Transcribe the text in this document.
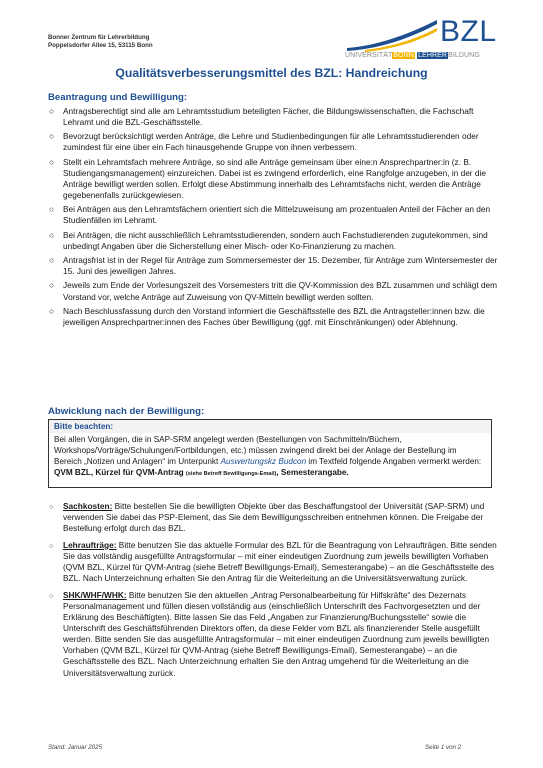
Bonner Zentrum für Lehrerbildung
Poppelsdorfer Allee 15, 53115 Bonn	BZL
UNIVERSITÄTBONN LEHRERBILDUNG
Qualitätsverbesserungsmittel des BZL: Handreichung
Beantragung und Bewilligung:
○ Antragsberechtigt sind alle am Lehramtsstudium beteiligten Fächer, die Bildungswissenschaften, die Fachschaft Lehramt und die BZL-Geschäftsstelle.
○ Bevorzugt berücksichtigt werden Anträge, die Lehre und Studienbedingungen für alle Lehramtsstudierenden oder zumindest für eine über ein Fach hinausgehende Gruppe von ihnen verbessern.
○ Stellt ein Lehramtsfach mehrere Anträge, so sind alle Anträge gemeinsam über eine:n Ansprechpartner:in (z. B. Studiengangsmanagement) einzureichen. Dabei ist es zwingend erforderlich, eine Rangfolge anzugeben, in der die Anträge bewilligt werden sollen. Erfolgt diese Abstimmung innerhalb des Lehramtsfachs nicht, werden die Anträge gegebenenfalls zurückgewiesen.
○ Bei Anträgen aus den Lehramtsfächern orientiert sich die Mittelzuweisung am prozentualen Anteil der Fächer an den Studienfällen im Lehramt.
○ Bei Anträgen, die nicht ausschließlich Lehramtsstudierenden, sondern auch Fachstudierenden zugutekommen, sind unbedingt Angaben über die Sicherstellung einer Misch- oder Ko-Finanzierung zu machen.
○ Antragsfrist ist in der Regel für Anträge zum Sommersemester der 15. Dezember, für Anträge zum Wintersemester der 15. Juni des jeweiligen Jahres.
○ Jeweils zum Ende der Vorlesungszeit des Vorsemesters tritt die QV-Kommission des BZL zusammen und schlägt dem Vorstand vor, welche Anträge auf Zuweisung von QV-Mitteln bewilligt werden sollten.
○ Nach Beschlussfassung durch den Vorstand informiert die Geschäftsstelle des BZL die Antragsteller:innen bzw. die jeweiligen Ansprechpartner:innen des Faches über Bewilligung (ggf. mit Einschränkungen) oder Ablehnung.
Abwicklung nach der Bewilligung:
Bitte beachten:
Bei allen Vorgängen, die in SAP-SRM angelegt werden (Bestellungen von Sachmitteln/Büchern, Workshops/Vorträge/Schulungen/Fortbildungen, etc.) müssen zwingend direkt bei der Anlage der Bestellung im Bereich „Notizen und Anlagen“ im Unterpunkt Auswertungskz Budcon im Textfeld folgende Angaben vermerkt werden: QVM BZL, Kürzel für QVM-Antrag (siehe Betreff Bewilligungs-Email), Semesterangabe.
○ Sachkosten: Bitte bestellen Sie die bewilligten Objekte über das Beschaffungstool der Universität (SAP-SRM) und verwenden Sie dabei das PSP-Element, das Sie dem Bewilligungsschreiben entnehmen können. Die Freigabe der Bestellung erfolgt durch das BZL.
○ Lehraufträge: Bitte benutzen Sie das aktuelle Formular des BZL für die Beantragung von Lehraufträgen. Bitte senden Sie das vollständig ausgefüllte Antragsformular – mit einer eindeutigen Zuordnung zum jeweils bewilligten Vorhaben (QVM BZL, Kürzel für QVM-Antrag (siehe Betreff Bewilligungs-Email), Semesterangabe) – an die Geschäftsstelle des BZL. Nach Unterzeichnung erhalten Sie den Antrag für die Weiterleitung an die Universitätsverwaltung zurück.
○ SHK/WHF/WHK: Bitte benutzen Sie den aktuellen „Antrag Personalbearbeitung für Hilfskräfte“ des Dezernats Personalmanagement und füllen diesen vollständig aus (einschließlich Unterschrift des Fachvorgesetzten und der Erklärung des Beschäftigten). Bitte lassen Sie das Feld „Angaben zur Finanzierung/Buchungsstelle“ sowie die Unterschrift des Geschäftsführenden Direktors offen, da diese Felder vom BZL als finanzierender Stelle ausgefüllt werden. Bitte senden Sie das ausgefüllte Antragsformular – mit einer eindeutigen Zuordnung zum jeweils bewilligten Vorhaben (QVM BZL, Kürzel für QVM-Antrag (siehe Betreff Bewilligungs-Email), Semesterangabe) – an die Geschäftsstelle des BZL. Nach Unterzeichnung erhalten Sie den Antrag umgehend für die Weiterleitung an die Universitätsverwaltung zurück.
Stand: Januar 2025	Seite 1 von 2
